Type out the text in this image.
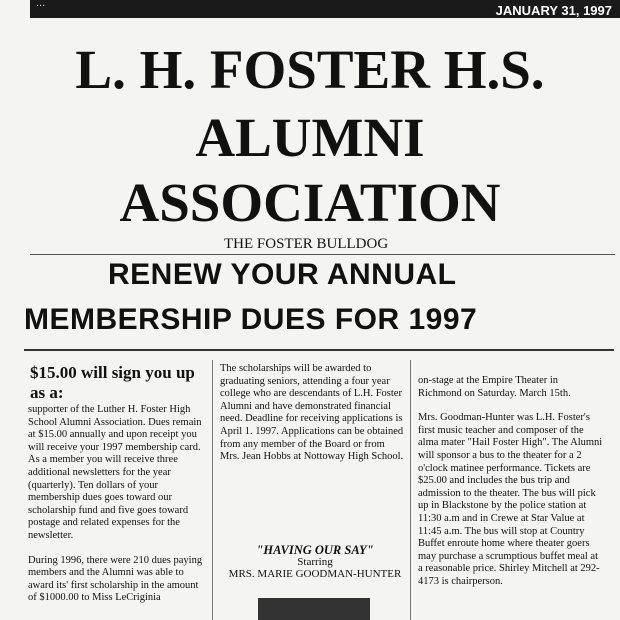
...	JANUARY 31, 1997
L. H. FOSTER H.S.
ALUMNI
ASSOCIATION
THE FOSTER BULLDOG
RENEW YOUR ANNUAL
MEMBERSHIP DUES FOR 1997
$15.00 will sign you up as a:

supporter of the Luther H. Foster High School Alumni Association. Dues remain at $15.00 annually and upon receipt you will receive your 1997 membership card. As a member you will receive three additional newsletters for the year (quarterly). Ten dollars of your membership dues goes toward our scholarship fund and five goes toward postage and related expenses for the newsletter.

During 1996, there were 210 dues paying members and the Alumni was able to award its' first scholarship in the amount of $1000.00 to Miss LeCriginia

The scholarships will be awarded to graduating seniors, attending a four year college who are descendants of L.H. Foster Alumni and have demonstrated financial need. Deadline for receiving applications is April 1. 1997. Applications can be obtained from any member of the Board or from Mrs. Jean Hobbs at Nottoway High School.

"HAVING OUR SAY"
Starring
MRS. MARIE GOODMAN-HUNTER

on-stage at the Empire Theater in Richmond on Saturday. March 15th.

Mrs. Goodman-Hunter was L.H. Foster's first music teacher and composer of the alma mater "Hail Foster High". The Alumni will sponsor a bus to the theater for a 2 o'clock matinee performance. Tickets are $25.00 and includes the bus trip and admission to the theater. The bus will pick up in Blackstone by the police station at 11:30 a.m and in Crewe at Star Value at 11:45 a.m. The bus will stop at Country Buffet enroute home where theater goers may purchase a scrumptious buffet meal at a reasonable price. Shirley Mitchell at 292-4173 is chairperson.
